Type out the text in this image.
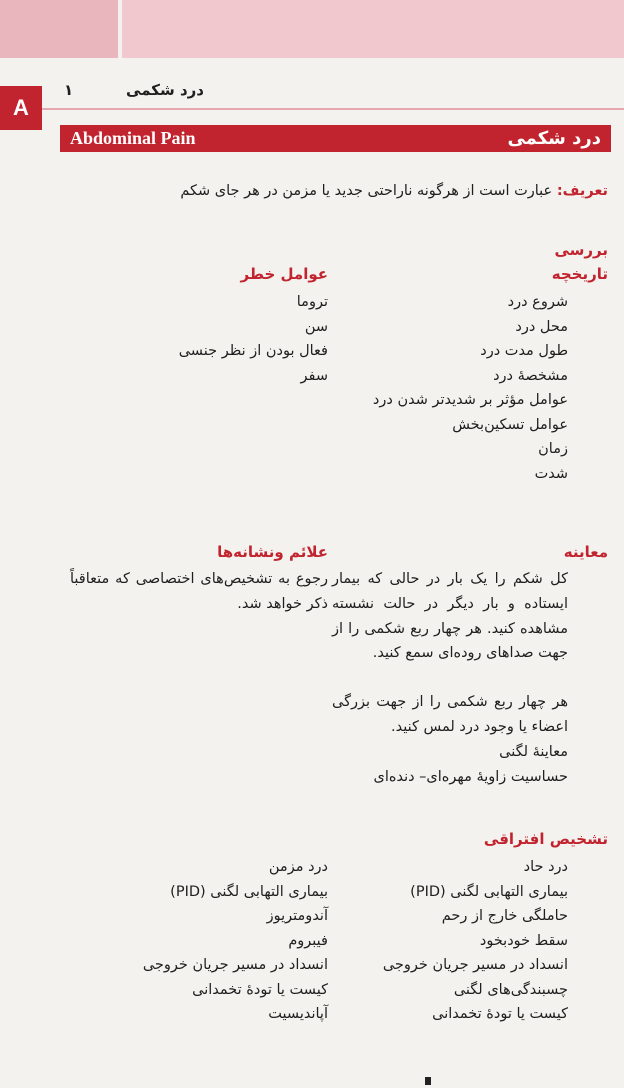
A
۱	درد شکمی
Abdominal Pain	درد شکمی
تعریف: عبارت است از هرگونه ناراحتی جدید یا مزمن در هر جای شکم
بررسی
تاریخچه
عوامل خطر
شروع درد
محل درد
طول مدت درد
مشخصهٔ درد
عوامل مؤثر بر شدیدتر شدن درد
عوامل تسکین‌بخش
زمان
شدت
تروما
سن
فعال بودن از نظر جنسی
سفر
معاینه
علائم ونشانه‌ها
کل شکم را یک بار در حالی که بیمار ایستاده و بار دیگر در حالت نشسته مشاهده کنید. هر چهار ربع شکمی را از جهت صداهای روده‌ای سمع کنید.
هر چهار ربع شکمی را از جهت بزرگی اعضاء یا وجود درد لمس کنید.
معاینهٔ لگنی
حساسیت زاویهٔ مهره‌ای– دنده‌ای
رجوع به تشخیص‌های اختصاصی که متعاقباً ذکر خواهد شد.
تشخیص افتراقی
درد حاد
بیماری التهابی لگنی (PID)
حاملگی خارج از رحم
سقط خودبخود
انسداد در مسیر جریان خروجی
چسبندگی‌های لگنی
کیست یا تودهٔ تخمدانی
درد مزمن
بیماری التهابی لگنی (PID)
آندومتریوز
فیبروم
انسداد در مسیر جریان خروجی
کیست یا تودهٔ تخمدانی
آپاندیسیت
